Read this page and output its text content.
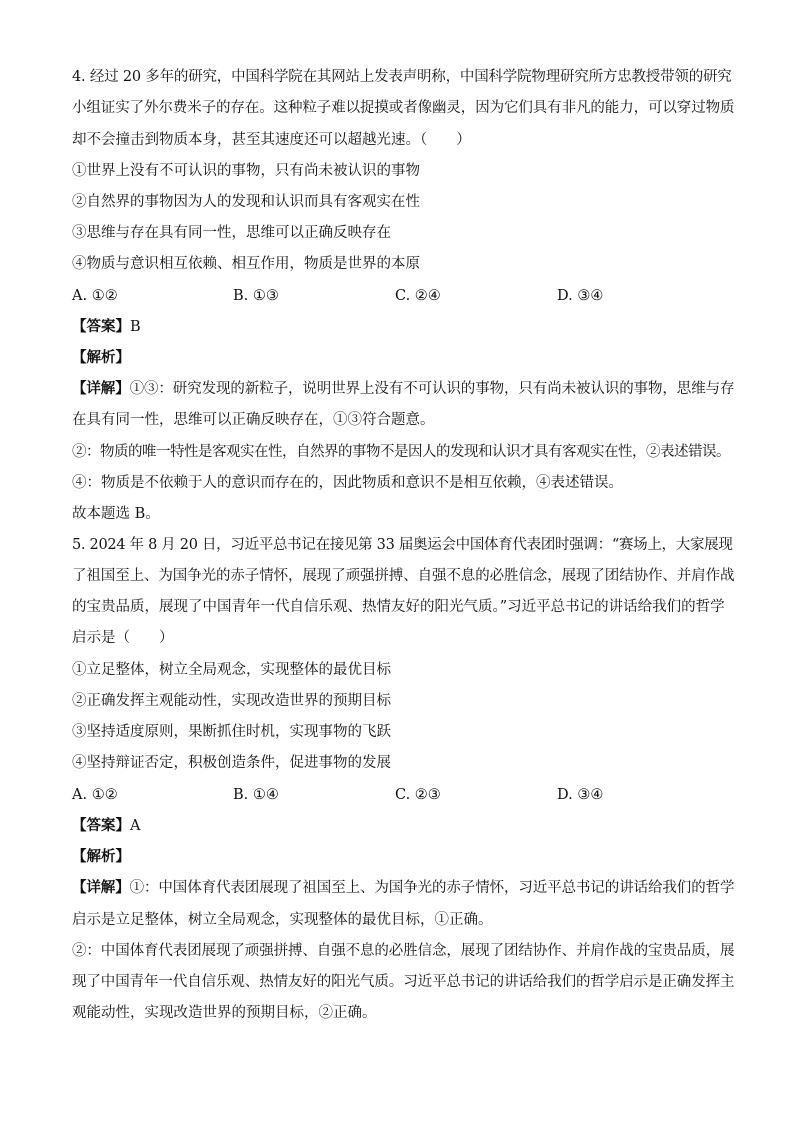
4. 经过 20 多年的研究，中国科学院在其网站上发表声明称，中国科学院物理研究所方忠教授带领的研究
小组证实了外尔费米子的存在。这种粒子难以捉摸或者像幽灵，因为它们具有非凡的能力，可以穿过物质
却不会撞击到物质本身，甚至其速度还可以超越光速。（　　）
①世界上没有不可认识的事物，只有尚未被认识的事物
②自然界的事物因为人的发现和认识而具有客观实在性
③思维与存在具有同一性，思维可以正确反映存在
④物质与意识相互依赖、相互作用，物质是世界的本原
A. ①②	B. ①③	C. ②④	D. ③④
【答案】B
【解析】
【详解】①③：研究发现的新粒子，说明世界上没有不可认识的事物，只有尚未被认识的事物，思维与存
在具有同一性，思维可以正确反映存在，①③符合题意。
②：物质的唯一特性是客观实在性，自然界的事物不是因人的发现和认识才具有客观实在性，②表述错误。
④：物质是不依赖于人的意识而存在的，因此物质和意识不是相互依赖，④表述错误。
故本题选 B。
5. 2024 年 8 月 20 日，习近平总书记在接见第 33 届奥运会中国体育代表团时强调：“赛场上，大家展现
了祖国至上、为国争光的赤子情怀，展现了顽强拼搏、自强不息的必胜信念，展现了团结协作、并肩作战
的宝贵品质，展现了中国青年一代自信乐观、热情友好的阳光气质。”习近平总书记的讲话给我们的哲学
启示是（　　）
①立足整体，树立全局观念，实现整体的最优目标
②正确发挥主观能动性，实现改造世界的预期目标
③坚持适度原则，果断抓住时机，实现事物的飞跃
④坚持辩证否定，积极创造条件，促进事物的发展
A. ①②	B. ①④	C. ②③	D. ③④
【答案】A
【解析】
【详解】①：中国体育代表团展现了祖国至上、为国争光的赤子情怀，习近平总书记的讲话给我们的哲学
启示是立足整体，树立全局观念，实现整体的最优目标，①正确。
②：中国体育代表团展现了顽强拼搏、自强不息的必胜信念，展现了团结协作、并肩作战的宝贵品质，展
现了中国青年一代自信乐观、热情友好的阳光气质。习近平总书记的讲话给我们的哲学启示是正确发挥主
观能动性，实现改造世界的预期目标，②正确。
